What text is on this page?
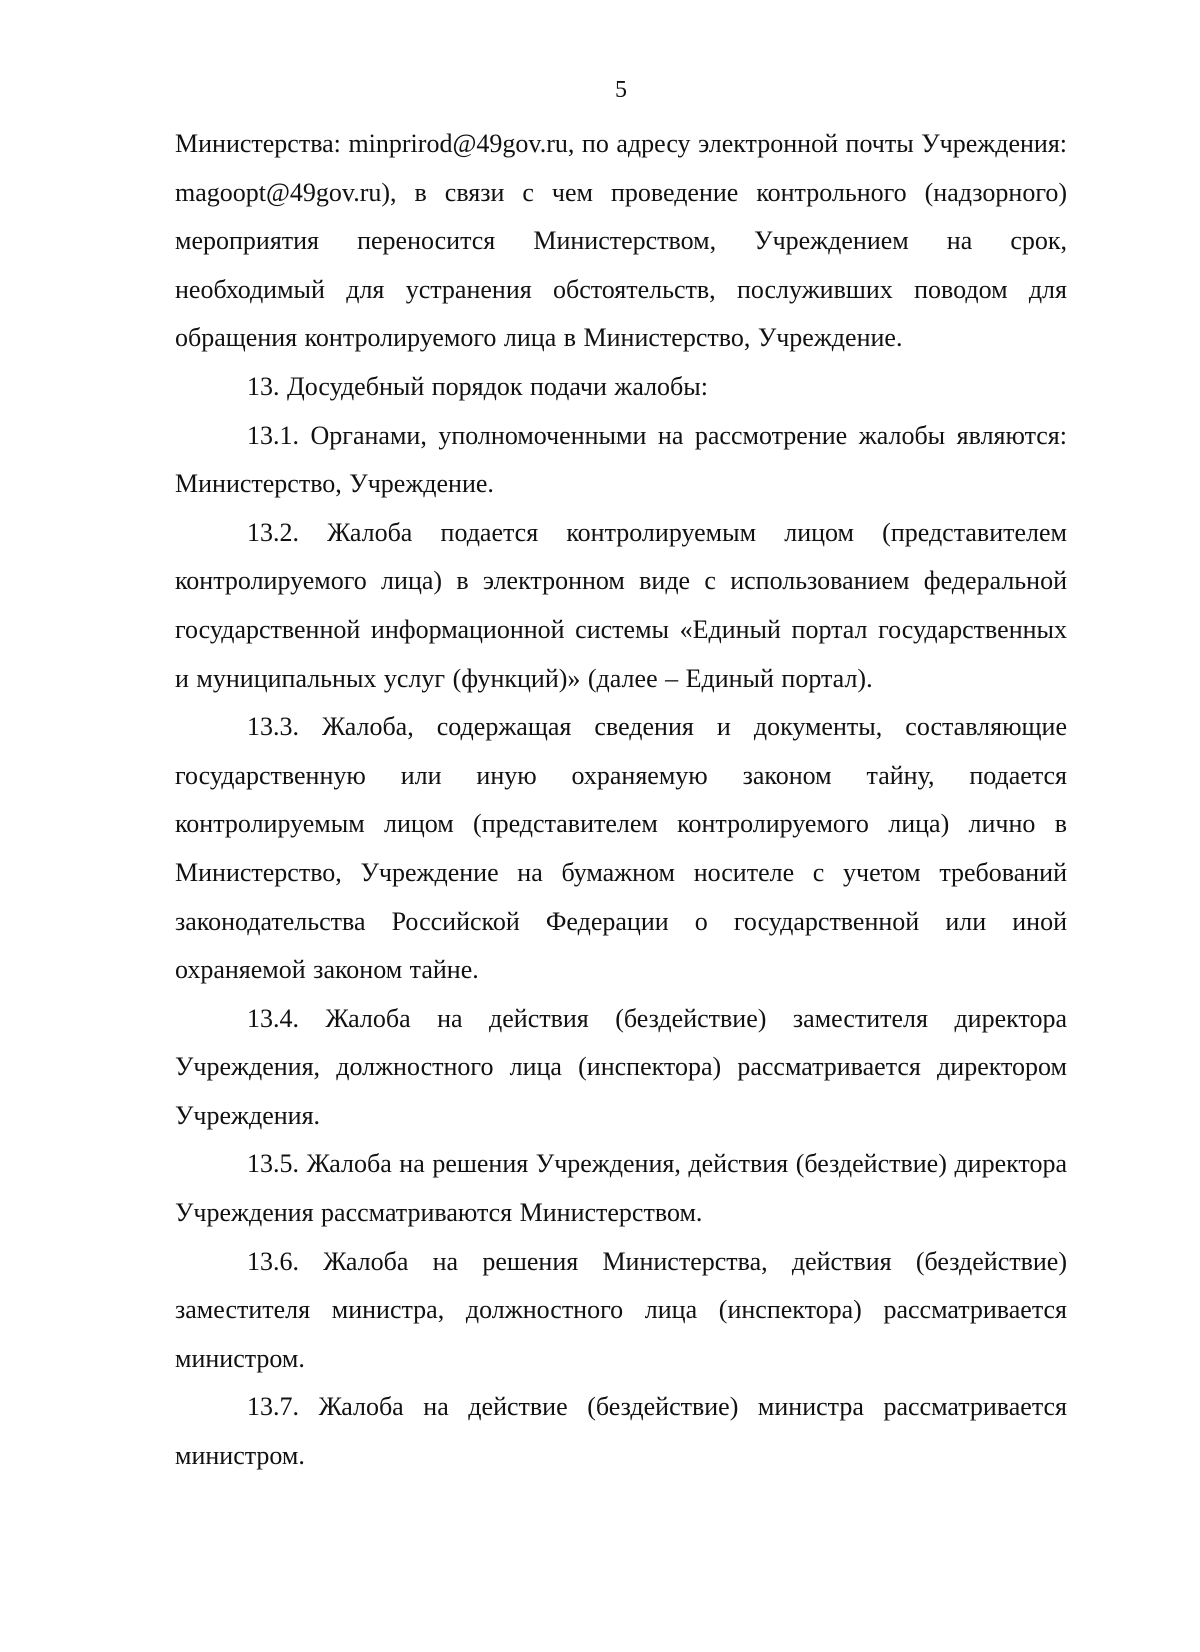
5

Министерства: minprirod@49gov.ru, по адресу электронной почты Учреждения: magoopt@49gov.ru), в связи с чем проведение контрольного (надзорного) мероприятия переносится Министерством, Учреждением на срок, необходимый для устранения обстоятельств, послуживших поводом для обращения контролируемого лица в Министерство, Учреждение.

13. Досудебный порядок подачи жалобы:

13.1. Органами, уполномоченными на рассмотрение жалобы являются: Министерство, Учреждение.

13.2. Жалоба подается контролируемым лицом (представителем контролируемого лица) в электронном виде с использованием федеральной государственной информационной системы «Единый портал государственных и муниципальных услуг (функций)» (далее – Единый портал).

13.3. Жалоба, содержащая сведения и документы, составляющие государственную или иную охраняемую законом тайну, подается контролируемым лицом (представителем контролируемого лица) лично в Министерство, Учреждение на бумажном носителе с учетом требований законодательства Российской Федерации о государственной или иной охраняемой законом тайне.

13.4. Жалоба на действия (бездействие) заместителя директора Учреждения, должностного лица (инспектора) рассматривается директором Учреждения.

13.5. Жалоба на решения Учреждения, действия (бездействие) директора Учреждения рассматриваются Министерством.

13.6. Жалоба на решения Министерства, действия (бездействие) заместителя министра, должностного лица (инспектора) рассматривается министром.

13.7. Жалоба на действие (бездействие) министра рассматривается министром.
